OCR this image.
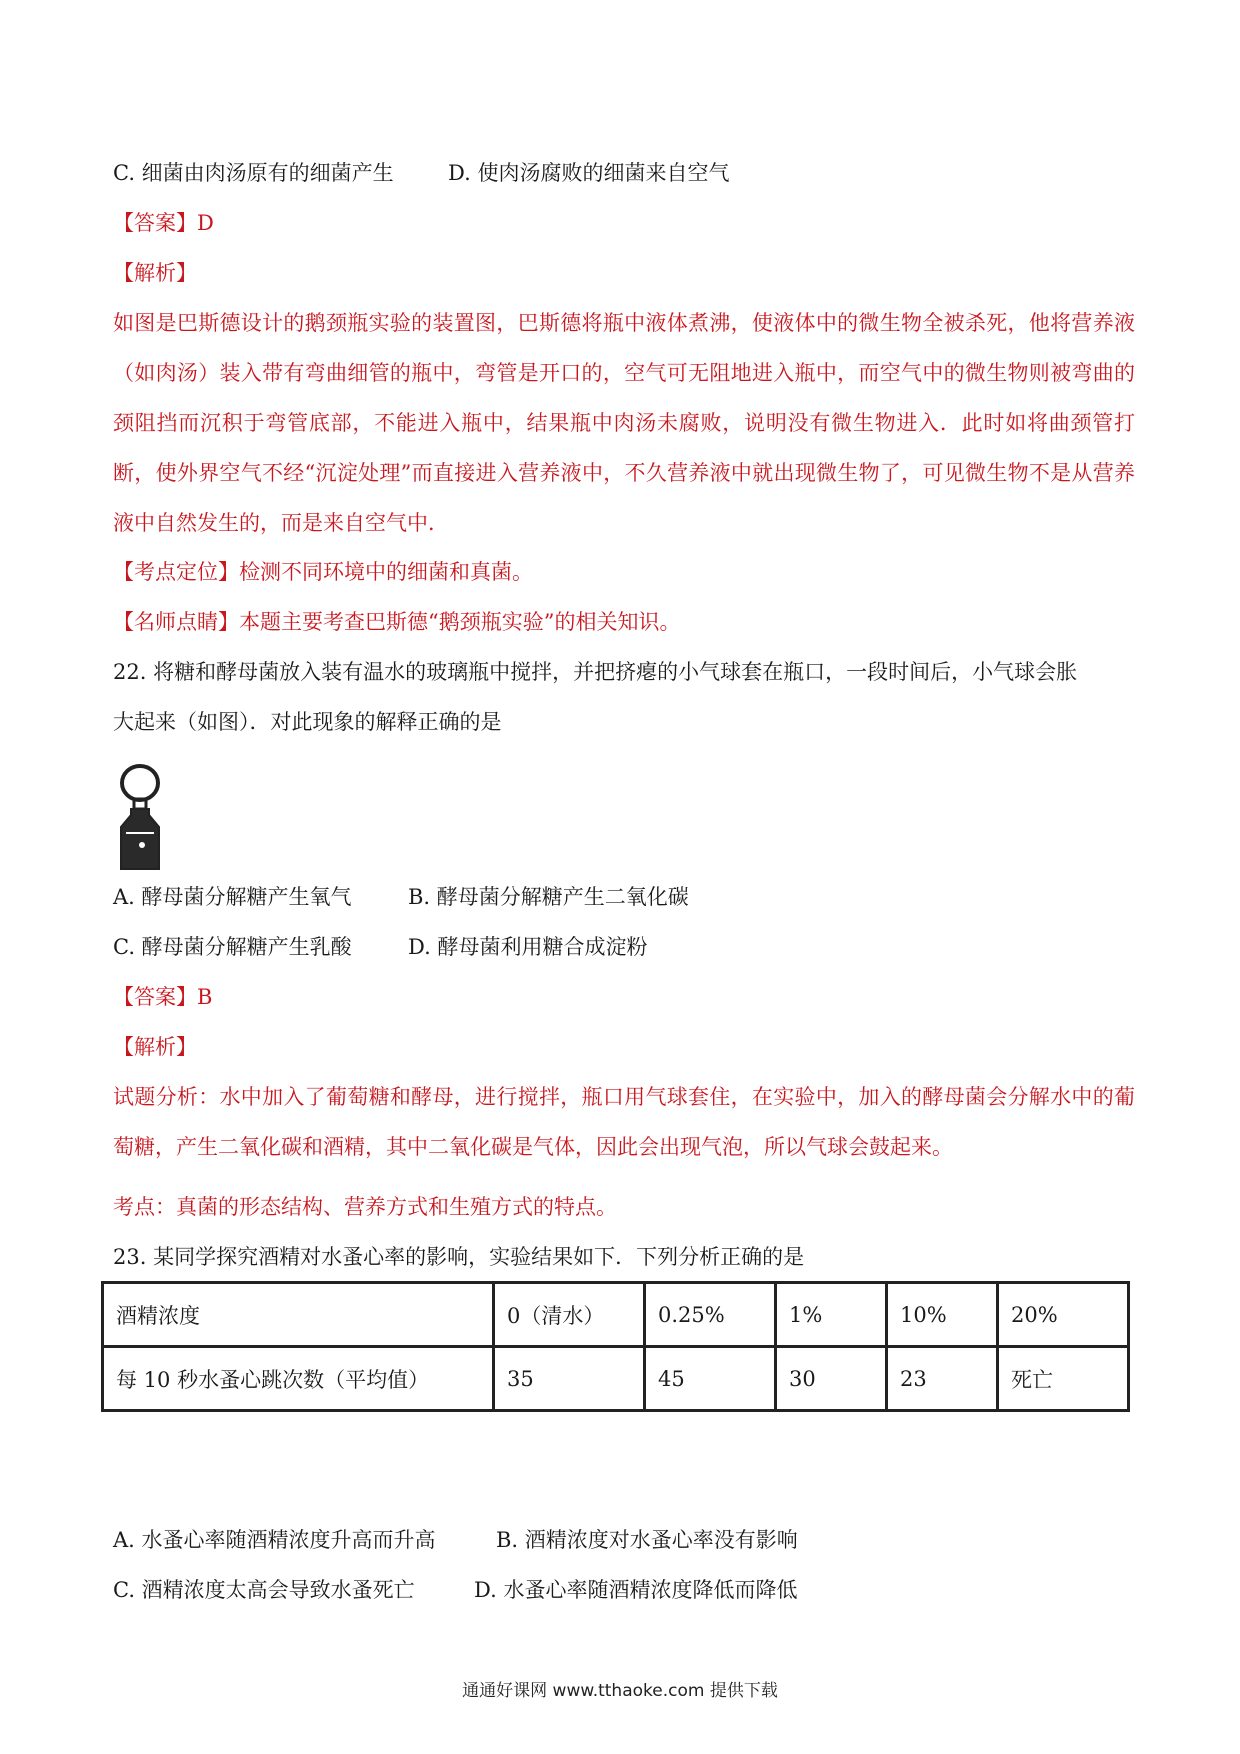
C. 细菌由肉汤原有的细菌产生	D. 使肉汤腐败的细菌来自空气
【答案】D
【解析】
如图是巴斯德设计的鹅颈瓶实验的装置图，巴斯德将瓶中液体煮沸，使液体中的微生物全被杀死，他将营养液（如肉汤）装入带有弯曲细管的瓶中，弯管是开口的，空气可无阻地进入瓶中，而空气中的微生物则被弯曲的颈阻挡而沉积于弯管底部，不能进入瓶中，结果瓶中肉汤未腐败，说明没有微生物进入．此时如将曲颈管打断，使外界空气不经“沉淀处理”而直接进入营养液中，不久营养液中就出现微生物了，可见微生物不是从营养液中自然发生的，而是来自空气中．
【考点定位】检测不同环境中的细菌和真菌。
【名师点睛】本题主要考查巴斯德“鹅颈瓶实验”的相关知识。
22. 将糖和酵母菌放入装有温水的玻璃瓶中搅拌，并把挤瘪的小气球套在瓶口，一段时间后，小气球会胀
大起来（如图）．对此现象的解释正确的是
A. 酵母菌分解糖产生氧气	B. 酵母菌分解糖产生二氧化碳
C. 酵母菌分解糖产生乳酸	D. 酵母菌利用糖合成淀粉
【答案】B
【解析】
试题分析：水中加入了葡萄糖和酵母，进行搅拌，瓶口用气球套住，在实验中，加入的酵母菌会分解水中的葡萄糖，产生二氧化碳和酒精，其中二氧化碳是气体，因此会出现气泡，所以气球会鼓起来。
考点：真菌的形态结构、营养方式和生殖方式的特点。
23. 某同学探究酒精对水蚤心率的影响，实验结果如下．下列分析正确的是
酒精浓度	0（清水）	0.25%	1%	10%	20%
每 10 秒水蚤心跳次数（平均值）	35	45	30	23	死亡
A. 水蚤心率随酒精浓度升高而升高	B. 酒精浓度对水蚤心率没有影响
C. 酒精浓度太高会导致水蚤死亡	D. 水蚤心率随酒精浓度降低而降低
通通好课网 www.tthaoke.com 提供下载
